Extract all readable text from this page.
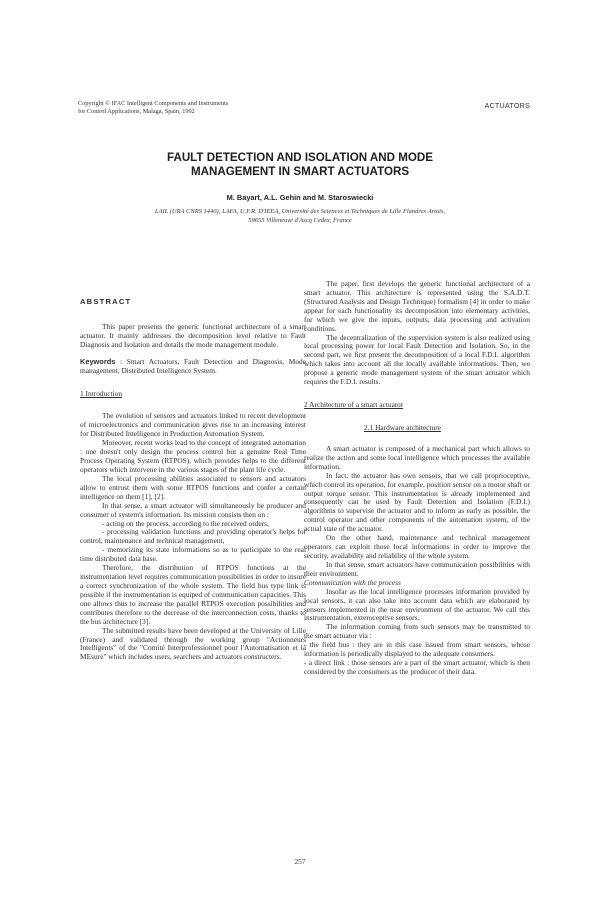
Copyright © IFAC Intelligent Components and Instruments
for Control Applications, Malaga, Spain, 1992
ACTUATORS
FAULT DETECTION AND ISOLATION AND MODE
MANAGEMENT IN SMART ACTUATORS
M. Bayart, A.L. Gehin and M. Staroswiecki
LAIL (URA CNRS 1440), LAFA, U.F.R. D'IEEA, Université des Sciences et Techniques de Lille Flandres Artois,
59655 Villeneuve d'Ascq Cedex, France

ABSTRACT

This paper presents the generic functional architecture of a smart actuator. It mainly addresses the decomposition level relative to Fault Diagnosis and Isolation and details the mode management module.

Keywords : Smart Actuators, Fault Detection and Diagnosis, Mode management, Distributed Intelligence System.

1 Introduction

The evolution of sensors and actuators linked to recent development of microelectronics and communication gives rise to an increasing interest for Distributed Intelligence in Production Automation System.

Moreover, recent works lead to the concept of integrated automation : one doesn't only design the process control but a genuine Real Time Process Operating System (RTPOS), which provides helps to the different operators which intervene in the various stages of the plant life cycle.

The local processing abilities associated to sensors and actuators allow to entrust them with some RTPOS functions and confer a certain intelligence on them [1], [2].

In that sense, a smart actuator will simultaneously be producer and consumer of system's information. Its mission consists then on :

- acting on the process, according to the received orders,

- processing validation functions and providing operator's helps for control, maintenance and technical management,

- memorizing its state informations so as to participate to the real time distributed data base.

Therefore, the distribution of RTPOS functions at the instrumentation level requires communication possibilities in order to insure a correct synchronization of the whole system. The field bus type link is possible if the instrumentation is equiped of communication capacities. This one allows thus to increase the parallel RTPOS execution possibilities and contributes therefore to the decrease of the interconnection costs, thanks to the bus architecture [3].

The submitted results have been developed at the University of Lille (France) and validated through the working group "Actionneurs Intelligents" of the "Comité Interprofessionnel pour l'Automatisation et la MEsure" which includes users, searchers and actuators constructers.

The paper, first develops the generic functional architecture of a smart actuator. This architecture is represented using the S.A.D.T. (Structured Analysis and Design Technique) formalism [4] in order to make appear for each functionality its decomposition into elementary activities, for which we give the inputs, outputs, data processing and activation conditions.

The decentralization of the supervision system is also realized using local processing power for local Fault Detection and Isolation. So, in the second part, we first present the decomposition of a local F.D.I. algorithm which takes into account all the locally available informations. Then, we propose a generic mode management system of the smart actuator which requires the F.D.I. results.

2 Architecture of a smart actuator

2.1 Hardware architecture

A smart actuator is composed of a mechanical part which allows to realize the action and some local intelligence which processes the available information.

In fact, the actuator has own sensors, that we call proprioceptive, which control its operation, for example, position sensor on a motor shaft or output torque sensor. This instrumentation is already implemented and consequently can be used by Fault Detection and Isolation (F.D.I.) algorithms to supervise the actuator and to inform as early as possible, the control operator and other components of the automation system, of the actual state of the actuator.

On the other hand, maintenance and technical management operators can exploit those local informations in order to improve the security, availability and reliability of the whole system.

In that sense, smart actuators have communication possibilities with their environment.

Communication with the process

Insofar as the local intelligence processes information provided by local sensors, it can also take into account data which are elaborated by sensors implemented in the near environment of the actuator. We call this instrumentation, exteroceptive sensors.

The information coming from such sensors may be transmitted to the smart actuator via :

- the field bus : they are in this case issued from smart sensors, whose information is periodically displayed to the adequate consumers.

- a direct link : those sensors are a part of the smart actuator, which is then considered by the consumers as the producer of their data.

257
